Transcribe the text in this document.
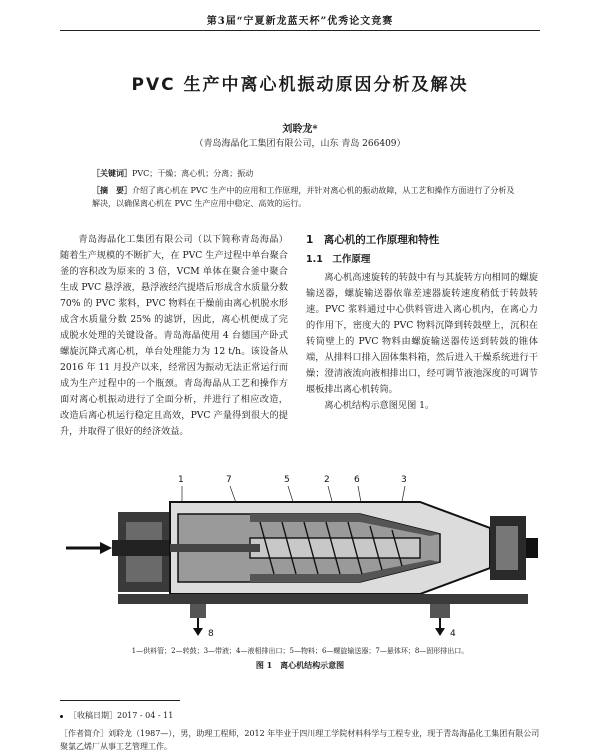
第3届“宁夏新龙蓝天杯”优秀论文竞赛
PVC 生产中离心机振动原因分析及解决
刘聆龙*
（青岛海晶化工集团有限公司，山东 青岛 266409）
［关键词］PVC；干燥；离心机；分离；振动
［摘　要］介绍了离心机在 PVC 生产中的应用和工作原理，并针对离心机的振动故障，从工艺和操作方面进行了分析及解决，以确保离心机在 PVC 生产应用中稳定、高效的运行。

青岛海晶化工集团有限公司（以下简称青岛海晶）随着生产规模的不断扩大，在 PVC 生产过程中单台聚合釜的容积改为原来的 3 倍，VCM 单体在聚合釜中聚合生成 PVC 悬浮液，悬浮液经汽提塔后形成含水质量分数 70% 的 PVC 浆料，PVC 物料在干燥前由离心机脱水形成含水质量分数 25% 的滤饼，因此，离心机便成了完成脱水处理的关键设备。青岛海晶使用 4 台德国产卧式螺旋沉降式离心机，单台处理能力为 12 t/h。该设备从 2016 年 11 月投产以来，经常因为振动无法正常运行而成为生产过程中的一个瓶颈。青岛海晶从工艺和操作方面对离心机振动进行了全面分析，并进行了相应改造，改造后离心机运行稳定且高效，PVC 产量得到很大的提升，并取得了很好的经济效益。

1　离心机的工作原理和特性
1.1　工作原理

离心机高速旋转的转鼓中有与其旋转方向相同的螺旋输送器，螺旋输送器依靠差速器旋转速度稍低于转鼓转速。PVC 浆料通过中心供料管进入离心机内，在离心力的作用下，密度大的 PVC 物料沉降到转鼓壁上，沉积在转筒壁上的 PVC 物料由螺旋输送器传送到转鼓的锥体端，从排料口排入固体集料箱，然后进入干燥系统进行干燥；澄清液流向液相排出口，经可调节液池深度的可调节堰板排出离心机转筒。

离心机结构示意图见图 1。

1	7	5	2	6	3
8	4
1—供料管；2—转鼓；3—带液；4—液相排出口；5—物料；6—螺旋输送器；7—悬体环；8—固形排出口。
图 1　离心机结构示意图
［收稿日期］2017 - 04 - 11
［作者简介］刘聆龙（1987—），男，助理工程师，2012 年毕业于四川理工学院材料科学与工程专业，现于青岛海晶化工集团有限公司聚氯乙烯厂从事工艺管理工作。
